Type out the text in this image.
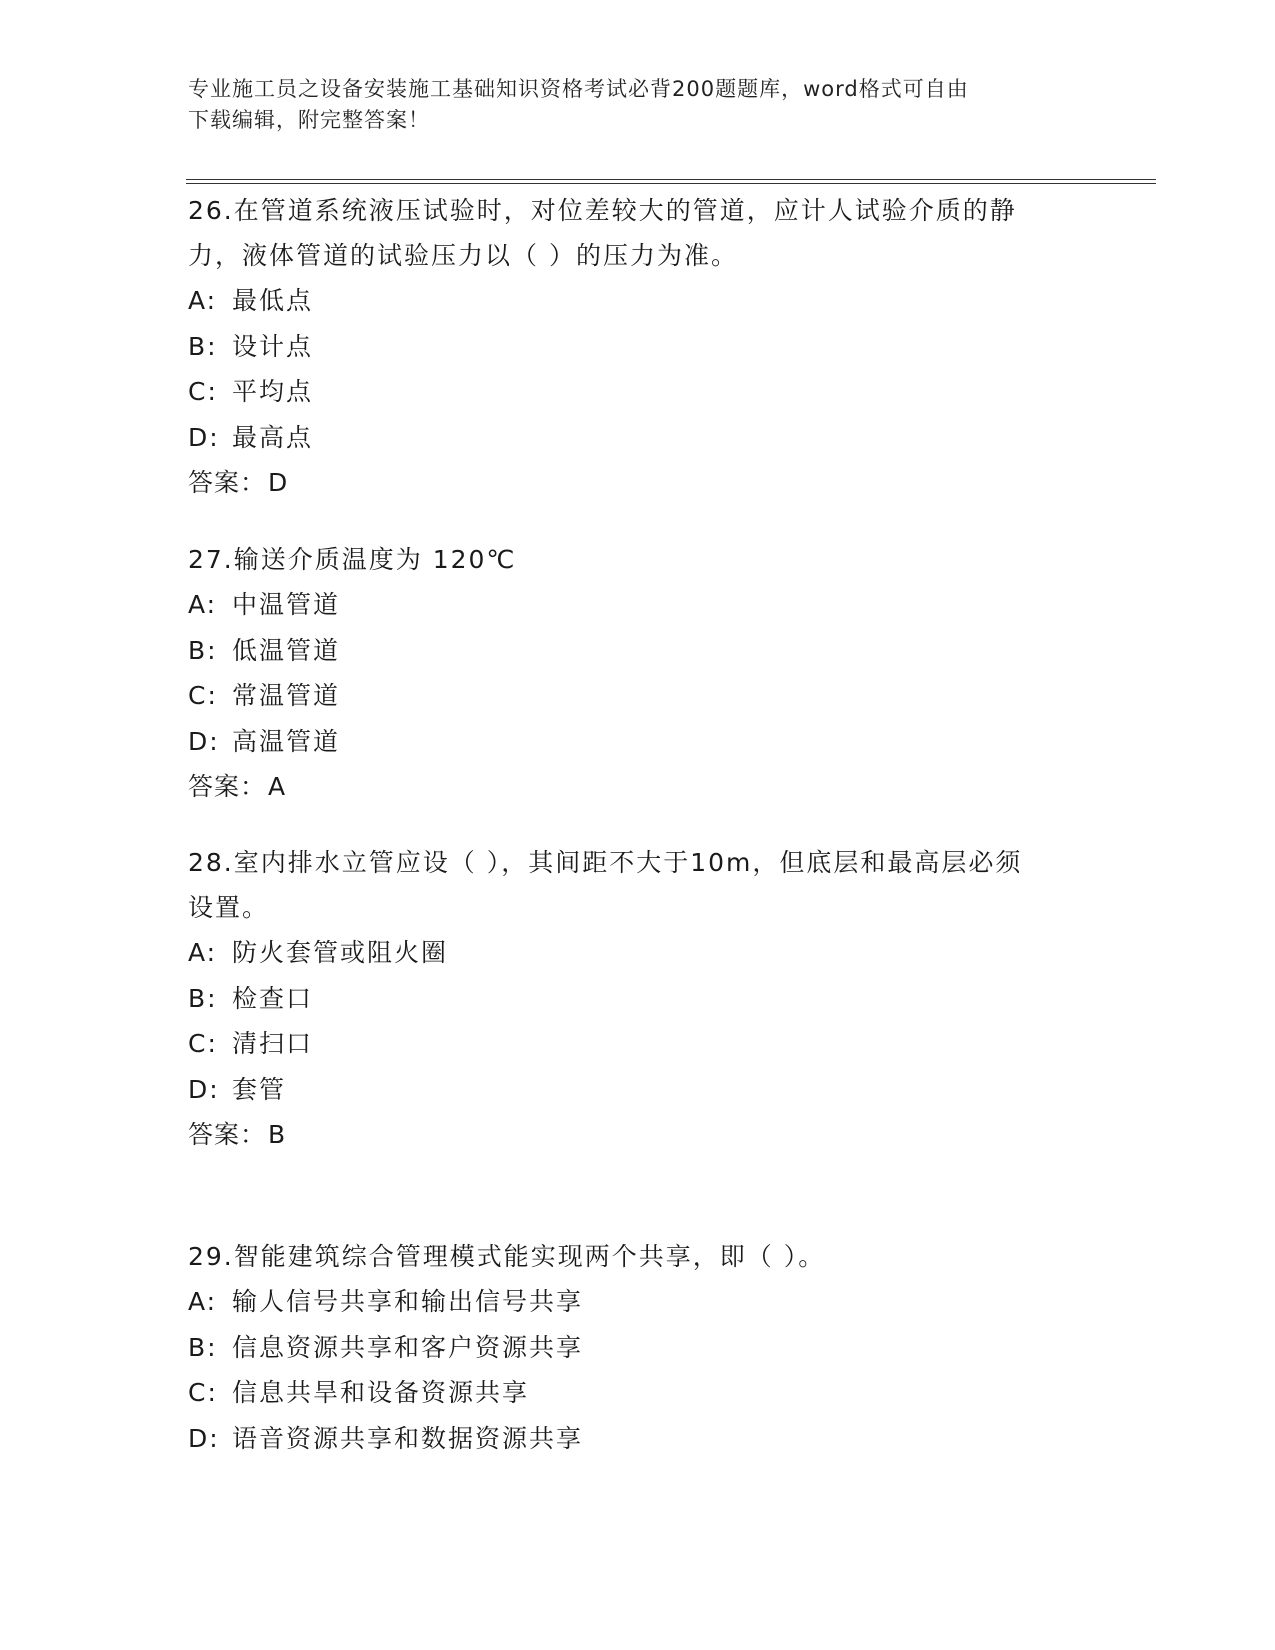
专业施工员之设备安装施工基础知识资格考试必背200题题库，word格式可自由
下载编辑，附完整答案！
26.在管道系统液压试验时，对位差较大的管道，应计人试验介质的静
力，液体管道的试验压力以（ ）的压力为准。
A: 最低点
B: 设计点
C: 平均点
D: 最高点
答案：D
27.输送介质温度为 120℃
A: 中温管道
B: 低温管道
C: 常温管道
D: 高温管道
答案：A
28.室内排水立管应设（ ），其间距不大于10m，但底层和最高层必须
设置。
A: 防火套管或阻火圈
B: 检查口
C: 清扫口
D: 套管
答案：B
29.智能建筑综合管理模式能实现两个共享，即（ ）。
A: 输人信号共享和输出信号共享
B: 信息资源共享和客户资源共享
C: 信息共旱和设备资源共享
D: 语音资源共享和数据资源共享
